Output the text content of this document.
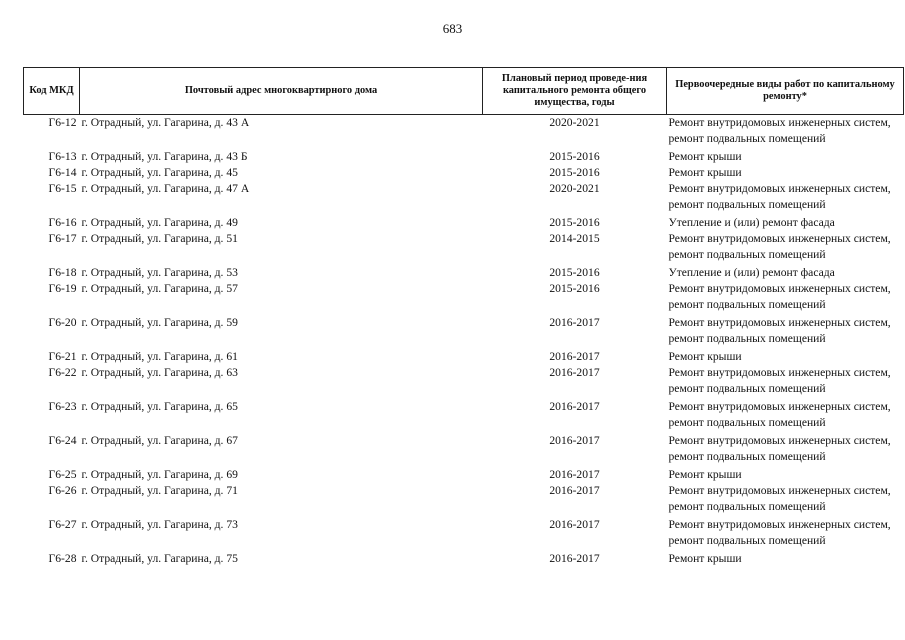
683
Код МКД	Почтовый адрес многоквартирного дома	Плановый период проведе-ния капитального ремонта общего имущества, годы	Первоочередные виды работ по капитальному ремонту*
Г6-12	г. Отрадный, ул. Гагарина, д. 43 А	2020-2021	Ремонт внутридомовых инженерных систем,
ремонт подвальных помещений

Г6-13	г. Отрадный, ул. Гагарина, д. 43 Б	2015-2016	Ремонт крыши

Г6-14	г. Отрадный, ул. Гагарина, д. 45	2015-2016	Ремонт крыши

Г6-15	г. Отрадный, ул. Гагарина, д. 47 А	2020-2021	Ремонт внутридомовых инженерных систем,
ремонт подвальных помещений

Г6-16	г. Отрадный, ул. Гагарина, д. 49	2015-2016	Утепление и (или) ремонт фасада

Г6-17	г. Отрадный, ул. Гагарина, д. 51	2014-2015	Ремонт внутридомовых инженерных систем,
ремонт подвальных помещений

Г6-18	г. Отрадный, ул. Гагарина, д. 53	2015-2016	Утепление и (или) ремонт фасада

Г6-19	г. Отрадный, ул. Гагарина, д. 57	2015-2016	Ремонт внутридомовых инженерных систем,
ремонт подвальных помещений

Г6-20	г. Отрадный, ул. Гагарина, д. 59	2016-2017	Ремонт внутридомовых инженерных систем,
ремонт подвальных помещений

Г6-21	г. Отрадный, ул. Гагарина, д. 61	2016-2017	Ремонт крыши

Г6-22	г. Отрадный, ул. Гагарина, д. 63	2016-2017	Ремонт внутридомовых инженерных систем,
ремонт подвальных помещений

Г6-23	г. Отрадный, ул. Гагарина, д. 65	2016-2017	Ремонт внутридомовых инженерных систем,
ремонт подвальных помещений

Г6-24	г. Отрадный, ул. Гагарина, д. 67	2016-2017	Ремонт внутридомовых инженерных систем,
ремонт подвальных помещений

Г6-25	г. Отрадный, ул. Гагарина, д. 69	2016-2017	Ремонт крыши

Г6-26	г. Отрадный, ул. Гагарина, д. 71	2016-2017	Ремонт внутридомовых инженерных систем,
ремонт подвальных помещений

Г6-27	г. Отрадный, ул. Гагарина, д. 73	2016-2017	Ремонт внутридомовых инженерных систем,
ремонт подвальных помещений

Г6-28	г. Отрадный, ул. Гагарина, д. 75	2016-2017	Ремонт крыши
